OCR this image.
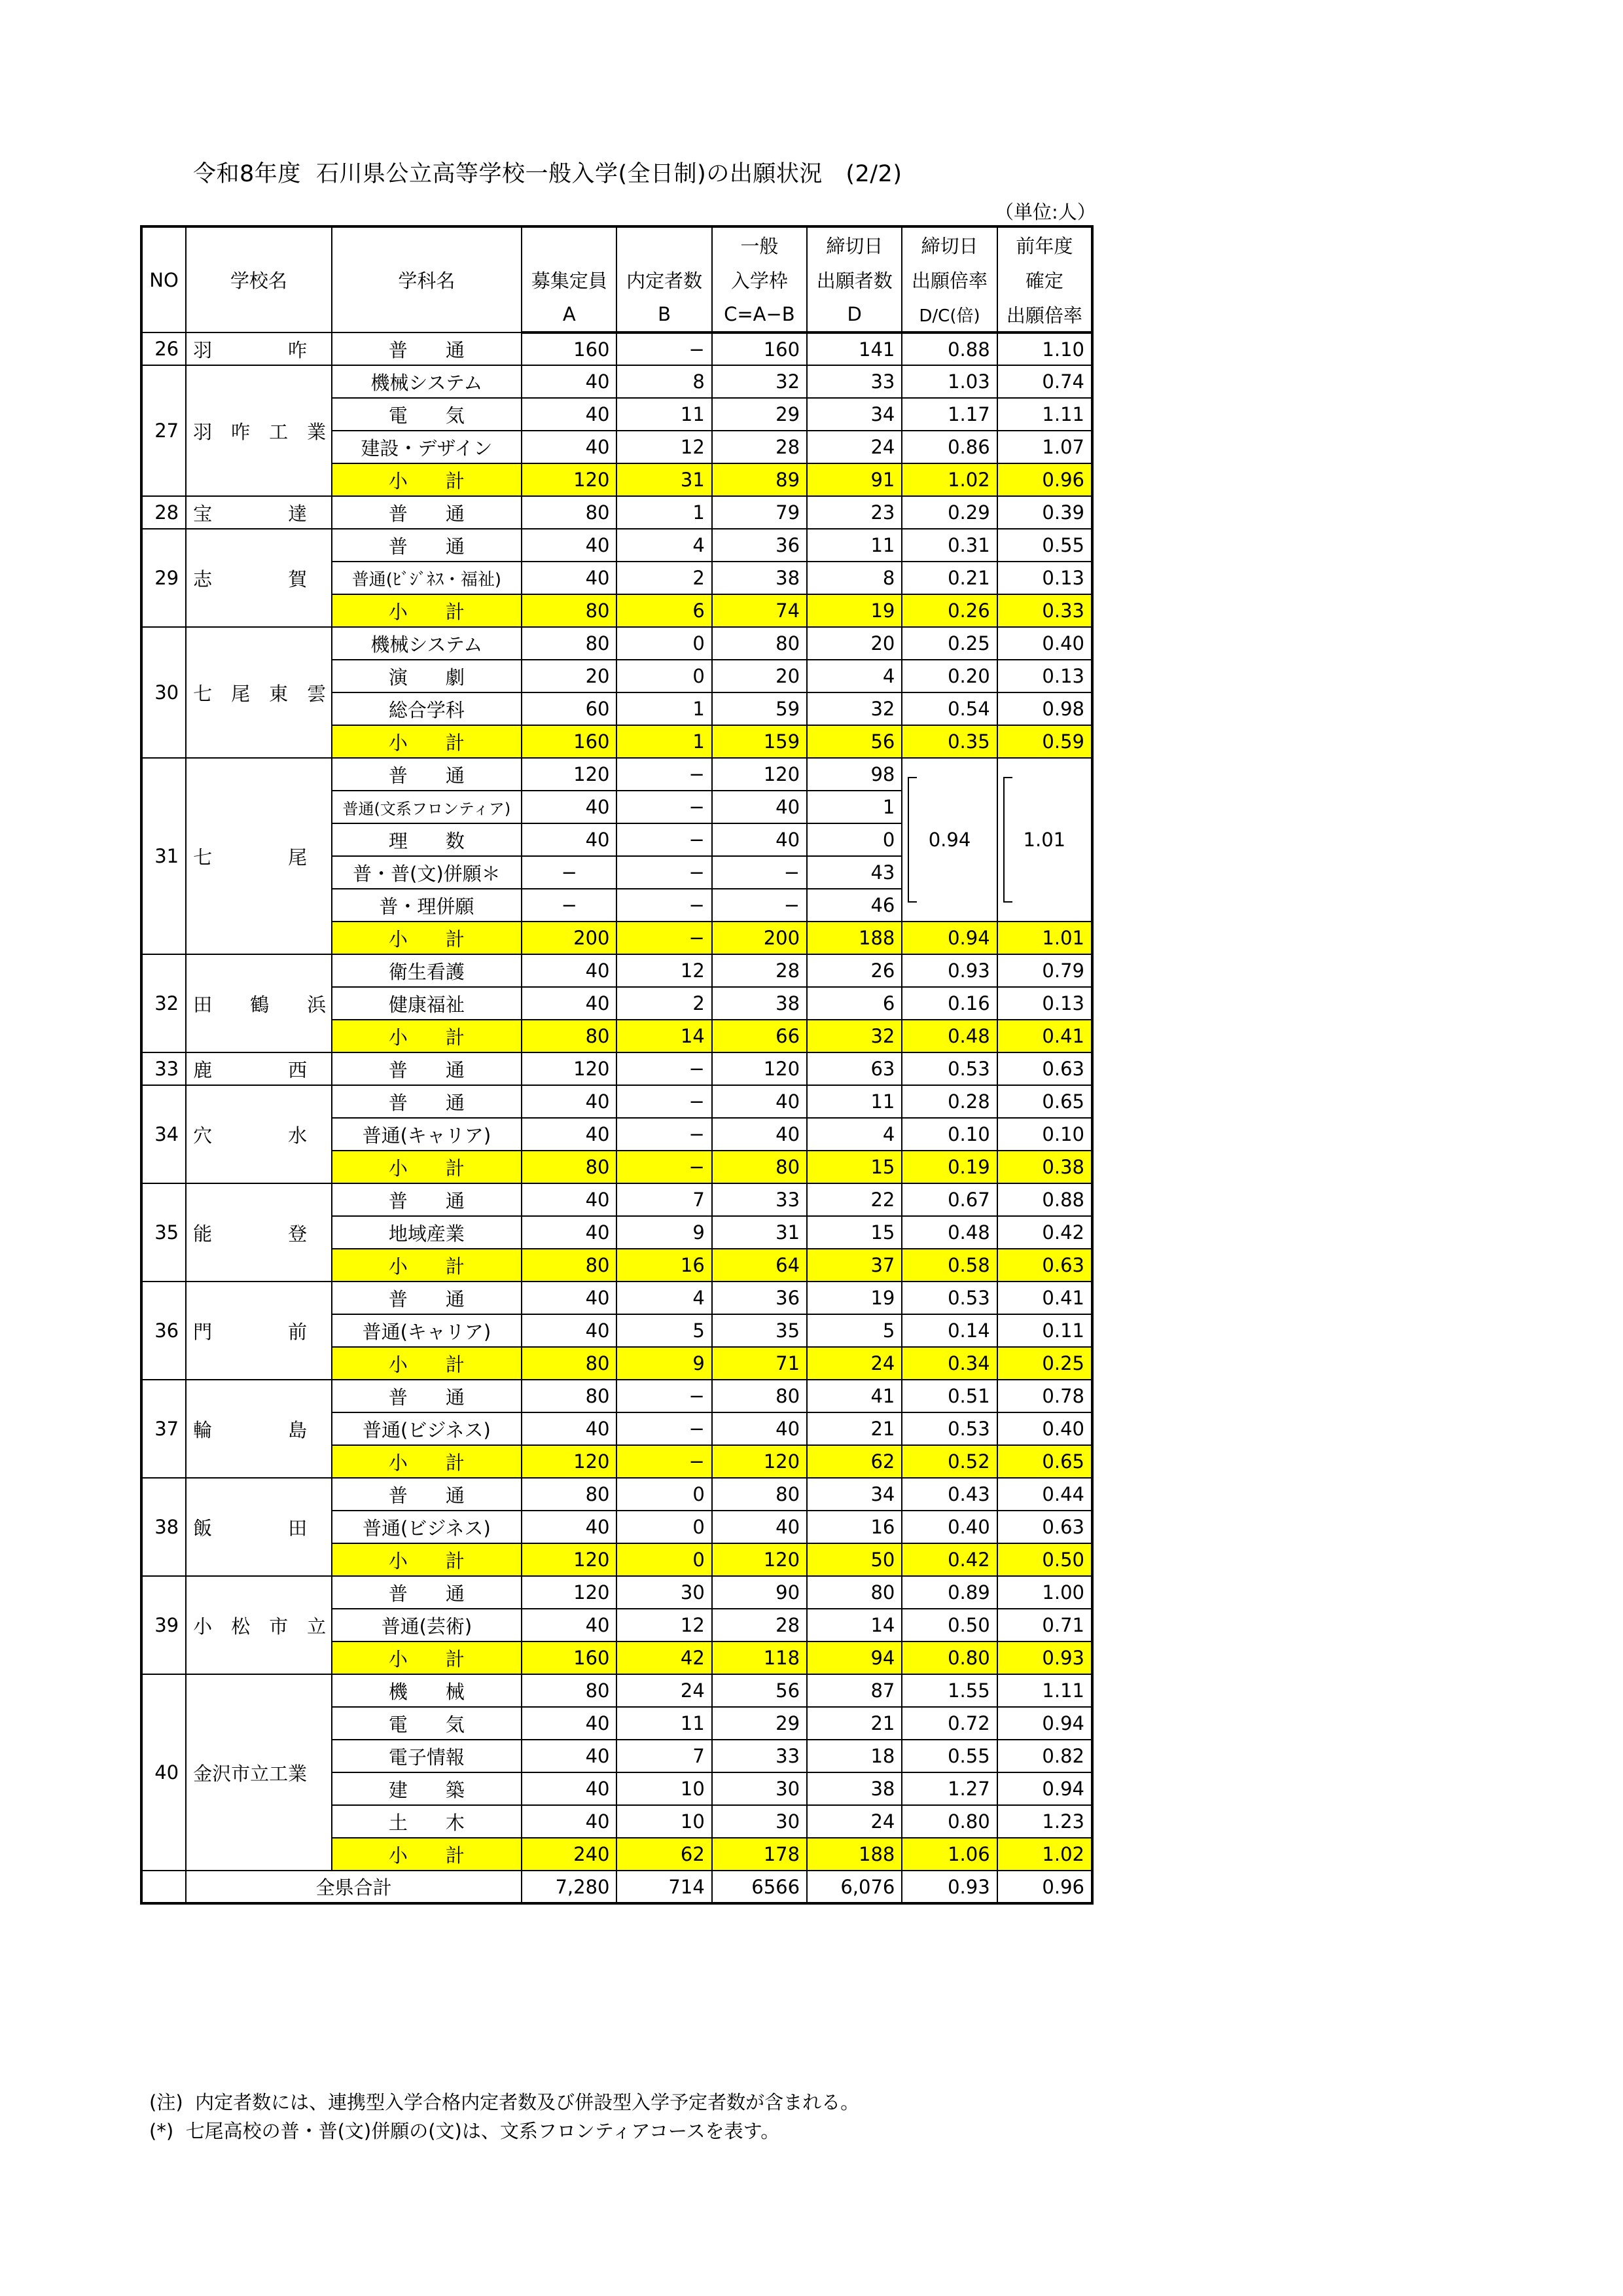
令和8年度  石川県公立高等学校一般入学(全日制)の出願状況　(2/2)
（単位:人）
NO	学校名	学科名			一般	締切日	締切日	前年度
			募集定員	内定者数	入学枠	出願者数	出願倍率	確定
			A	B	C=A−B	D	D/C(倍)	出願倍率
26	羽　　　　咋	普　　通	160	−	160	141	0.88	1.10
27	羽　咋　工　業	機械システム	40	8	32	33	1.03	0.74
		電　　気	40	11	29	34	1.17	1.11
		建設・デザイン	40	12	28	24	0.86	1.07
		小　　計	120	31	89	91	1.02	0.96
28	宝　　　　達	普　　通	80	1	79	23	0.29	0.39
29	志　　　　賀	普　　通	40	4	36	11	0.31	0.55
		普通(ﾋﾞｼﾞﾈｽ・福祉)	40	2	38	8	0.21	0.13
		小　　計	80	6	74	19	0.26	0.33
30	七　尾　東　雲	機械システム	80	0	80	20	0.25	0.40
		演　　劇	20	0	20	4	0.20	0.13
		総合学科	60	1	59	32	0.54	0.98
		小　　計	160	1	159	56	0.35	0.59
31	七　　　　尾	普　　通	120	−	120	98	0.94	1.01

		普通(文系フロンティア)	40	−	40	1		
		理　　数	40	−	40	0		
		普・普(文)併願＊	−	−	−	43		
		普・理併願	−	−	−	46		
		小　　計	200	−	200	188	0.94	1.01
32	田　　鶴　　浜	衛生看護	40	12	28	26	0.93	0.79
		健康福祉	40	2	38	6	0.16	0.13
		小　　計	80	14	66	32	0.48	0.41
33	鹿　　　　西	普　　通	120	−	120	63	0.53	0.63
34	穴　　　　水	普　　通	40	−	40	11	0.28	0.65
		普通(キャリア)	40	−	40	4	0.10	0.10
		小　　計	80	−	80	15	0.19	0.38
35	能　　　　登	普　　通	40	7	33	22	0.67	0.88
		地域産業	40	9	31	15	0.48	0.42
		小　　計	80	16	64	37	0.58	0.63
36	門　　　　前	普　　通	40	4	36	19	0.53	0.41
		普通(キャリア)	40	5	35	5	0.14	0.11
		小　　計	80	9	71	24	0.34	0.25
37	輪　　　　島	普　　通	80	−	80	41	0.51	0.78
		普通(ビジネス)	40	−	40	21	0.53	0.40
		小　　計	120	−	120	62	0.52	0.65
38	飯　　　　田	普　　通	80	0	80	34	0.43	0.44
		普通(ビジネス)	40	0	40	16	0.40	0.63
		小　　計	120	0	120	50	0.42	0.50
39	小　松　市　立	普　　通	120	30	90	80	0.89	1.00
		普通(芸術)	40	12	28	14	0.50	0.71
		小　　計	160	42	118	94	0.80	0.93
40	金沢市立工業	機　　械	80	24	56	87	1.55	1.11
		電　　気	40	11	29	21	0.72	0.94
		電子情報	40	7	33	18	0.55	0.82
		建　　築	40	10	30	38	1.27	0.94
		土　　木	40	10	30	24	0.80	1.23
		小　　計	240	62	178	188	1.06	1.02
	全県合計		7,280	714	6566	6,076	0.93	0.96
(注)  内定者数には、連携型入学合格内定者数及び併設型入学予定者数が含まれる。
(*)  七尾高校の普・普(文)併願の(文)は、文系フロンティアコースを表す。
